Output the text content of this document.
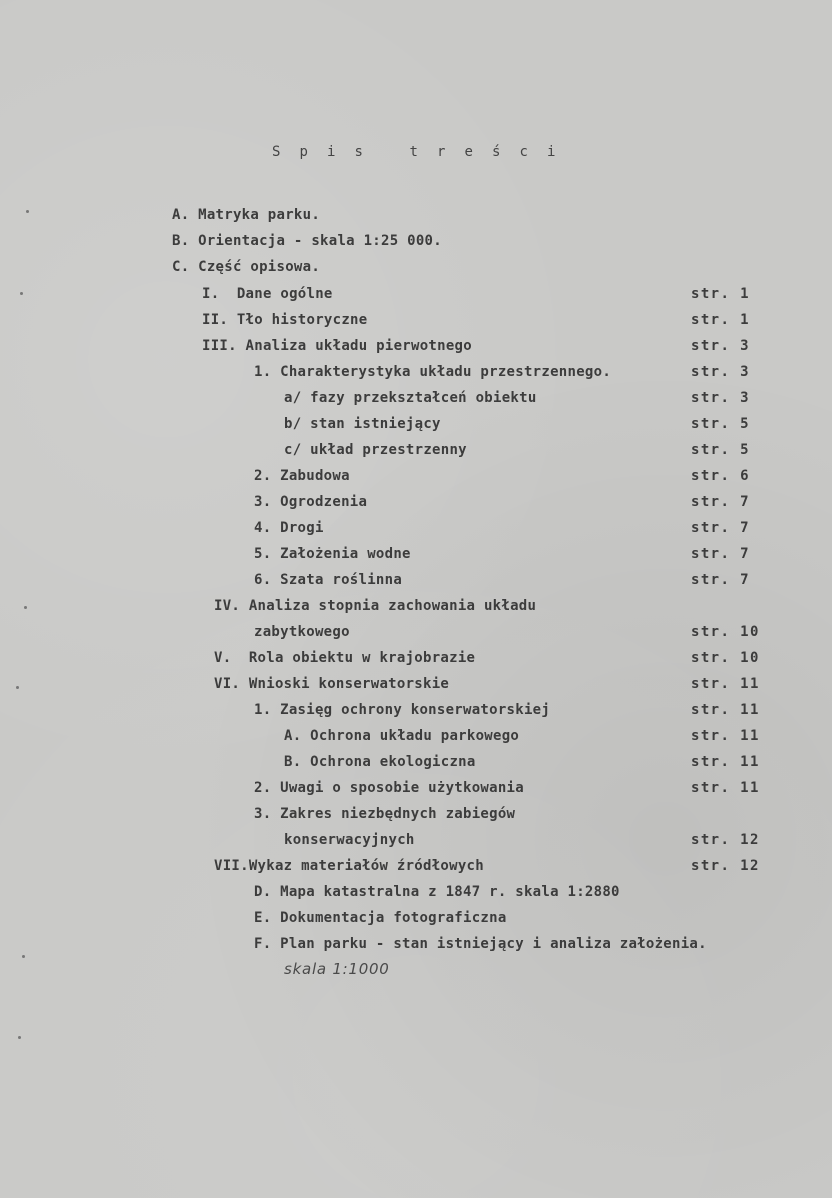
S p i s   t r e ś c i
A. Matryka parku.
B. Orientacja - skala 1:25 000.
C. Część opisowa.
I.  Dane ogólne	str. 1
II. Tło historyczne	str. 1
III. Analiza układu pierwotnego	str. 3
1. Charakterystyka układu przestrzennego.	str. 3
a/ fazy przekształceń obiektu	str. 3
b/ stan istniejący	str. 5
c/ układ przestrzenny	str. 5
2. Zabudowa	str. 6
3. Ogrodzenia	str. 7
4. Drogi	str. 7
5. Założenia wodne	str. 7
6. Szata roślinna	str. 7
IV. Analiza stopnia zachowania układu
zabytkowego	str. 10
V.  Rola obiektu w krajobrazie	str. 10
VI. Wnioski konserwatorskie	str. 11
1. Zasięg ochrony konserwatorskiej	str. 11
A. Ochrona układu parkowego	str. 11
B. Ochrona ekologiczna	str. 11
2. Uwagi o sposobie użytkowania	str. 11
3. Zakres niezbędnych zabiegów
konserwacyjnych	str. 12
VII.Wykaz materiałów źródłowych	str. 12
D. Mapa katastralna z 1847 r. skala 1:2880
E. Dokumentacja fotograficzna
F. Plan parku - stan istniejący i analiza założenia.
skala 1:1000
